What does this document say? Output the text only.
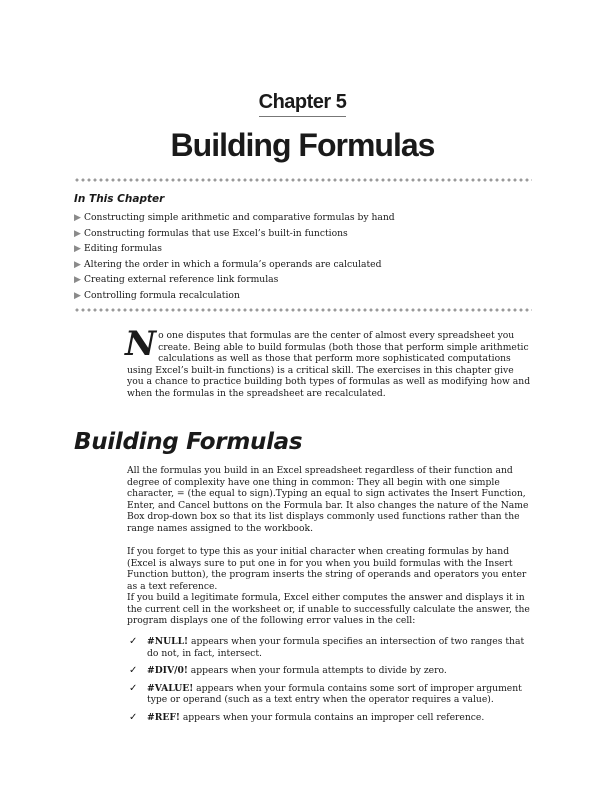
Chapter 5
Building Formulas
In This Chapter
▶ Constructing simple arithmetic and comparative formulas by hand
▶ Constructing formulas that use Excel’s built-in functions
▶ Editing formulas
▶ Altering the order in which a formula’s operands are calculated
▶ Creating external reference link formulas
▶ Controlling formula recalculation
No one disputes that formulas are the center of almost every spreadsheet you create. Being able to build formulas (both those that perform simple arithmetic calculations as well as those that perform more sophisticated computations using Excel’s built-in functions) is a critical skill. The exercises in this chapter give you a chance to practice building both types of formulas as well as modifying how and when the formulas in the spreadsheet are recalculated.
Building Formulas

All the formulas you build in an Excel spreadsheet regardless of their function and degree of complexity have one thing in common: They all begin with one simple character, = (the equal to sign).Typing an equal to sign activates the Insert Function, Enter, and Cancel buttons on the Formula bar. It also changes the nature of the Name Box drop-down box so that its list displays commonly used functions rather than the range names assigned to the workbook.

If you forget to type this as your initial character when creating formulas by hand (Excel is always sure to put one in for you when you build formulas with the Insert Function button), the program inserts the string of operands and operators you enter as a text reference.

If you build a legitimate formula, Excel either computes the answer and displays it in the current cell in the worksheet or, if unable to successfully calculate the answer, the program displays one of the following error values in the cell:

✓ #NULL! appears when your formula specifies an intersection of two ranges that do not, in fact, intersect.
✓ #DIV/0! appears when your formula attempts to divide by zero.
✓ #VALUE! appears when your formula contains some sort of improper argument type or operand (such as a text entry when the operator requires a value).
✓ #REF! appears when your formula contains an improper cell reference.
